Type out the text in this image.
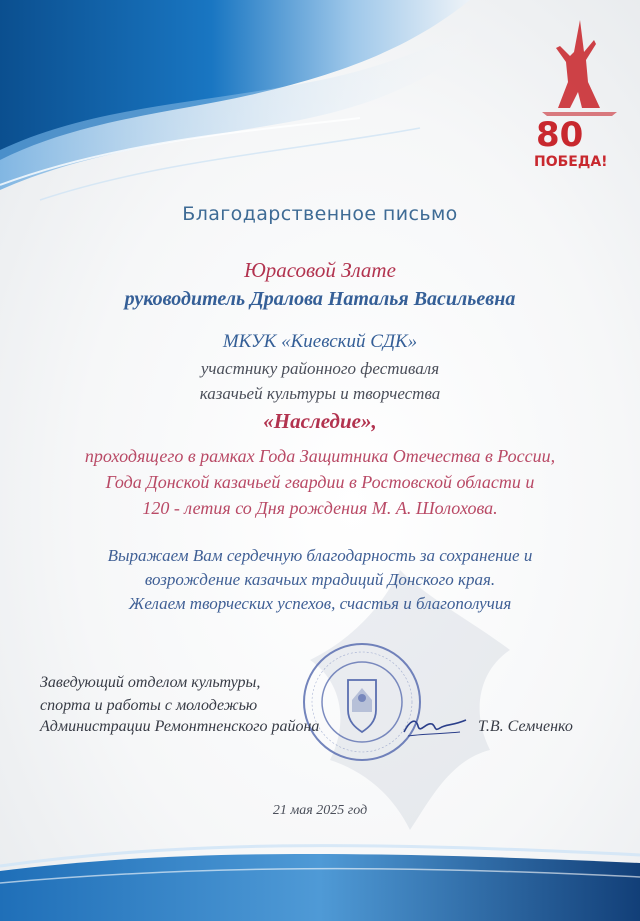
80
ПОБЕДА!
Благодарственное письмо
Юрасовой Злате
руководитель Дралова Наталья Васильевна
МКУК «Киевский СДК»
участнику районного фестиваля
казачьей культуры и творчества
«Наследие»,
проходящего в рамках Года Защитника Отечества в России,
Года Донской казачьей гвардии в Ростовской области и
120 - летия со Дня рождения М. А. Шолохова.
Выражаем Вам сердечную благодарность за сохранение и
возрождение казачьих традиций Донского края.
Желаем творческих успехов, счастья и благополучия
Заведующий отделом культуры,
спорта и работы с молодежью
Администрации Ремонтненского района	Т.В. Семченко
21 мая 2025 год
